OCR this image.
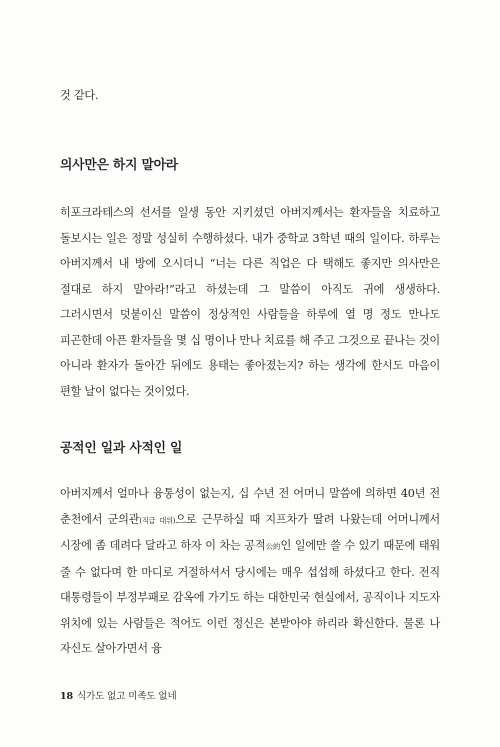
것 같다.

의사만은 하지 말아라

히포크라테스의 선서를 일생 동안 지키셨던 아버지께서는 환자들을 치료하고 돌보시는 일은 정말 성실히 수행하셨다. 내가 중학교 3학년 때의 일이다. 하루는 아버지께서 내 방에 오시더니 “너는 다른 직업은 다 택해도 좋지만 의사만은 절대로 하지 말아라!”라고 하셨는데 그 말씀이 아직도 귀에 생생하다. 그러시면서 덧붙이신 말씀이 정상적인 사람들을 하루에 열 명 정도 만나도 피곤한데 아픈 환자들을 몇 십 명이나 만나 치료를 해 주고 그것으로 끝나는 것이 아니라 환자가 돌아간 뒤에도 용태는 좋아졌는지? 하는 생각에 한시도 마음이 편할 날이 없다는 것이었다.

공적인 일과 사적인 일

아버지께서 얼마나 융통성이 없는지, 십 수년 전 어머니 말씀에 의하면 40년 전 춘천에서 군의관(직급 대위)으로 근무하실 때 지프차가 딸려 나왔는데 어머니께서 시장에 좀 데려다 달라고 하자 이 차는 공적公的인 일에만 쓸 수 있기 때문에 태워 줄 수 없다며 한 마디로 거절하셔서 당시에는 매우 섭섭해 하셨다고 한다. 전직 대통령들이 부정부패로 감옥에 가기도 하는 대한민국 현실에서, 공직이나 지도자 위치에 있는 사람들은 적어도 이런 정신은 본받아야 하리라 확신한다. 물론 나 자신도 살아가면서 융

18 식가도 없고 미족도 없네
